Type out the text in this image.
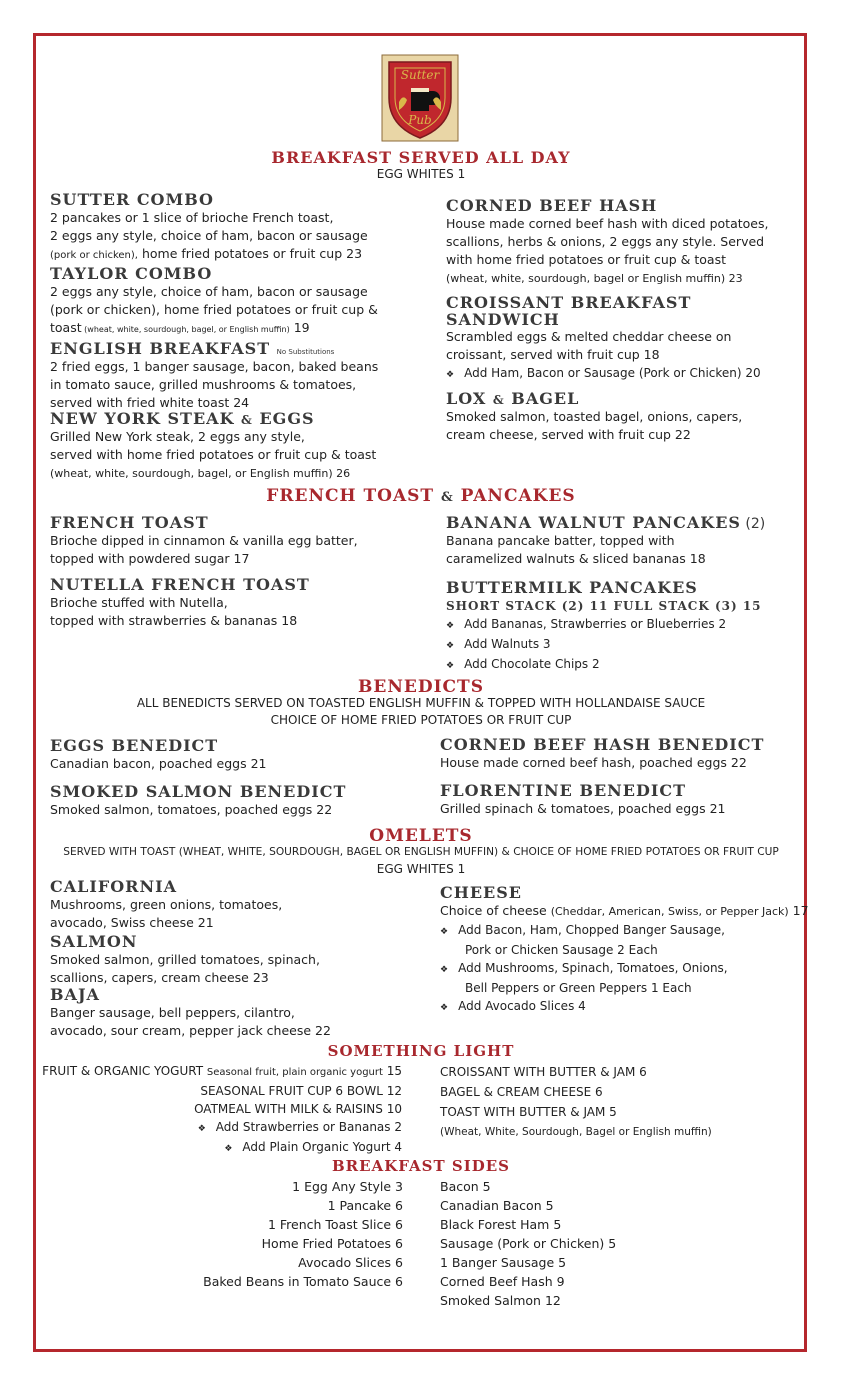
Sutter
Pub
BREAKFAST SERVED ALL DAY
EGG WHITES 1
SUTTER COMBO
2 pancakes or 1 slice of brioche French toast,
2 eggs any style, choice of ham, bacon or sausage
(pork or chicken), home fried potatoes or fruit cup 23
TAYLOR COMBO
2 eggs any style, choice of ham, bacon or sausage
(pork or chicken), home fried potatoes or fruit cup &
toast (wheat, white, sourdough, bagel, or English muffin) 19
ENGLISH BREAKFAST No Substitutions
2 fried eggs, 1 banger sausage, bacon, baked beans
in tomato sauce, grilled mushrooms & tomatoes,
served with fried white toast 24
NEW YORK STEAK & EGGS
Grilled New York steak, 2 eggs any style,
served with home fried potatoes or fruit cup & toast
(wheat, white, sourdough, bagel, or English muffin) 26
CORNED BEEF HASH
House made corned beef hash with diced potatoes,
scallions, herbs & onions, 2 eggs any style. Served
with home fried potatoes or fruit cup & toast
(wheat, white, sourdough, bagel or English muffin) 23
CROISSANT BREAKFAST
SANDWICH
Scrambled eggs & melted cheddar cheese on
croissant, served with fruit cup 18
❖ Add Ham, Bacon or Sausage (Pork or Chicken) 20
LOX & BAGEL
Smoked salmon, toasted bagel, onions, capers,
cream cheese, served with fruit cup 22
FRENCH TOAST & PANCAKES
FRENCH TOAST
Brioche dipped in cinnamon & vanilla egg batter,
topped with powdered sugar 17
NUTELLA FRENCH TOAST
Brioche stuffed with Nutella,
topped with strawberries & bananas 18
BANANA WALNUT PANCAKES (2)
Banana pancake batter, topped with
caramelized walnuts & sliced bananas 18
BUTTERMILK PANCAKES
SHORT STACK (2) 11 FULL STACK (3) 15
❖ Add Bananas, Strawberries or Blueberries 2
❖ Add Walnuts 3
❖ Add Chocolate Chips 2
BENEDICTS
ALL BENEDICTS SERVED ON TOASTED ENGLISH MUFFIN & TOPPED WITH HOLLANDAISE SAUCE
CHOICE OF HOME FRIED POTATOES OR FRUIT CUP
EGGS BENEDICT
Canadian bacon, poached eggs 21
SMOKED SALMON BENEDICT
Smoked salmon, tomatoes, poached eggs 22
CORNED BEEF HASH BENEDICT
House made corned beef hash, poached eggs 22
FLORENTINE BENEDICT
Grilled spinach & tomatoes, poached eggs 21
OMELETS
SERVED WITH TOAST (WHEAT, WHITE, SOURDOUGH, BAGEL OR ENGLISH MUFFIN) & CHOICE OF HOME FRIED POTATOES OR FRUIT CUP
EGG WHITES 1
CALIFORNIA
Mushrooms, green onions, tomatoes,
avocado, Swiss cheese 21
SALMON
Smoked salmon, grilled tomatoes, spinach,
scallions, capers, cream cheese 23
BAJA
Banger sausage, bell peppers, cilantro,
avocado, sour cream, pepper jack cheese 22
CHEESE
Choice of cheese (Cheddar, American, Swiss, or Pepper Jack) 17
❖ Add Bacon, Ham, Chopped Banger Sausage,
Pork or Chicken Sausage 2 Each
❖ Add Mushrooms, Spinach, Tomatoes, Onions,
Bell Peppers or Green Peppers 1 Each
❖ Add Avocado Slices 4
SOMETHING LIGHT
FRUIT & ORGANIC YOGURT Seasonal fruit, plain organic yogurt 15
SEASONAL FRUIT CUP 6 BOWL 12
OATMEAL WITH MILK & RAISINS 10
❖ Add Strawberries or Bananas 2
❖ Add Plain Organic Yogurt 4
CROISSANT WITH BUTTER & JAM 6
BAGEL & CREAM CHEESE 6
TOAST WITH BUTTER & JAM 5
(Wheat, White, Sourdough, Bagel or English muffin)
BREAKFAST SIDES
1 Egg Any Style 3
1 Pancake 6
1 French Toast Slice 6
Home Fried Potatoes 6
Avocado Slices 6
Baked Beans in Tomato Sauce 6
Bacon 5
Canadian Bacon 5
Black Forest Ham 5
Sausage (Pork or Chicken) 5
1 Banger Sausage 5
Corned Beef Hash 9
Smoked Salmon 12
